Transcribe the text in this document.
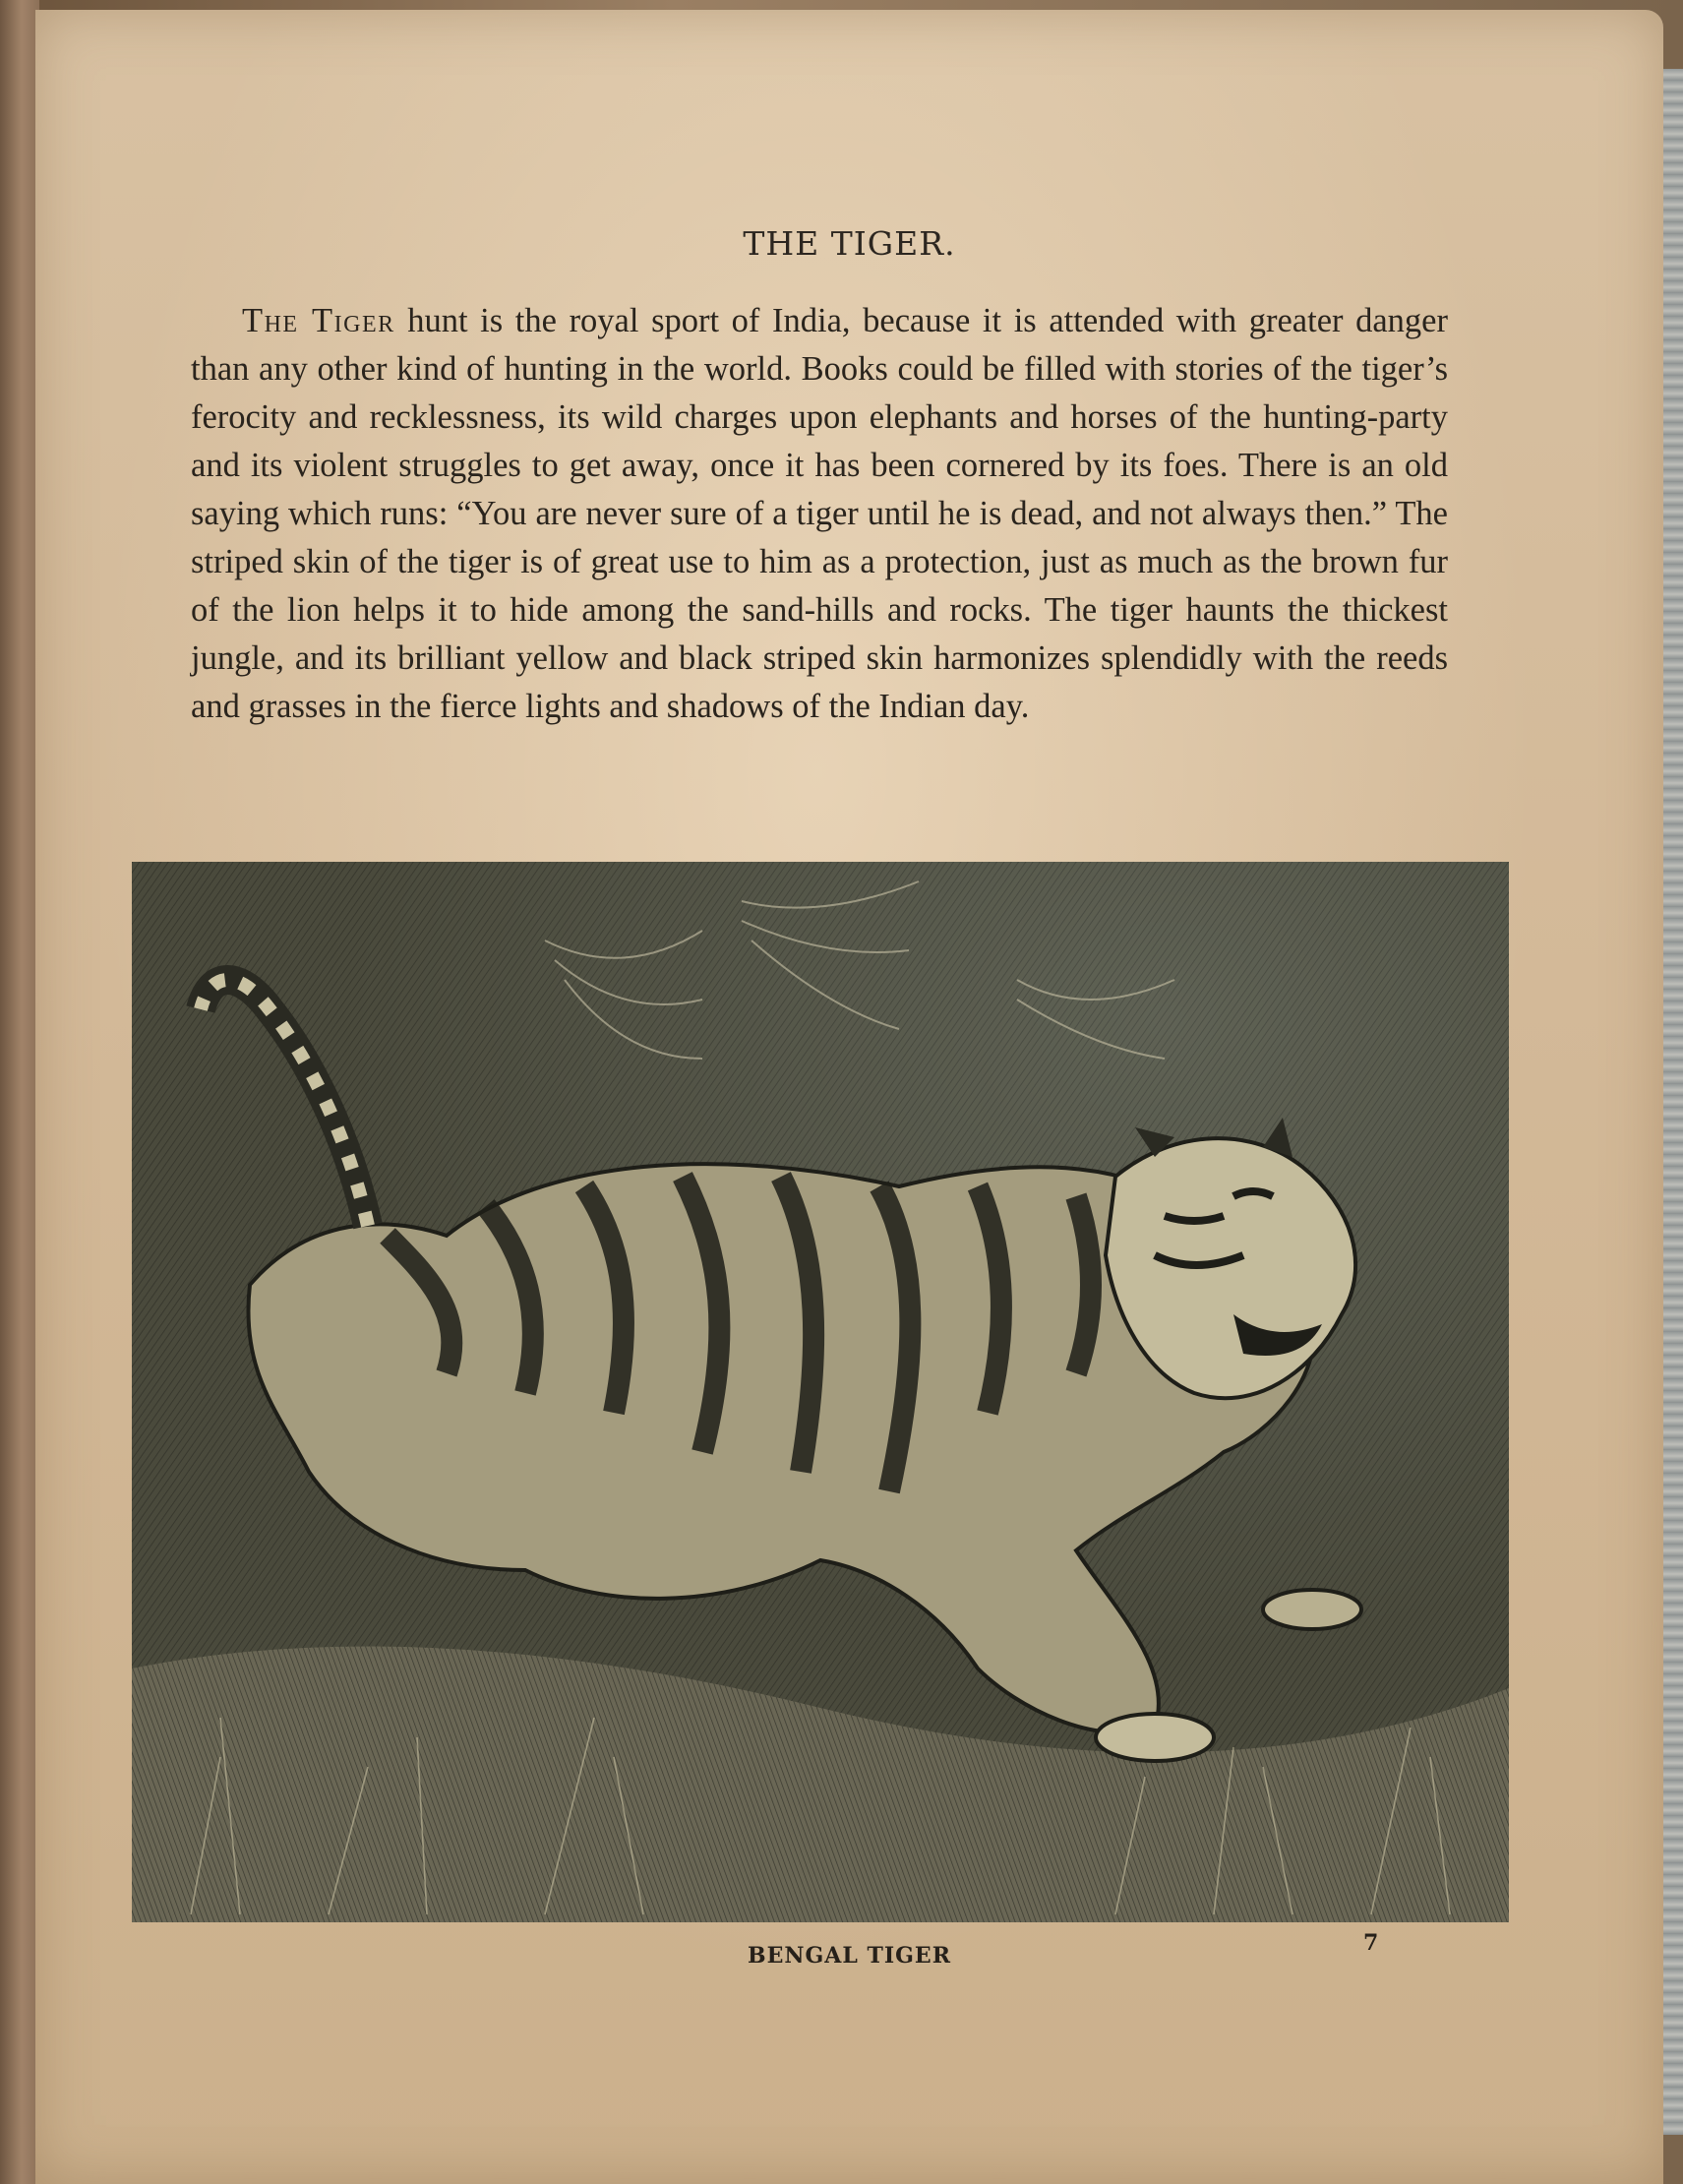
THE TIGER.

The Tiger hunt is the royal sport of India, because it is attended with greater danger than any other kind of hunting in the world. Books could be filled with stories of the tiger’s ferocity and recklessness, its wild charges upon elephants and horses of the hunting-party and its violent struggles to get away, once it has been cornered by its foes. There is an old saying which runs: “You are never sure of a tiger until he is dead, and not always then.” The striped skin of the tiger is of great use to him as a protection, just as much as the brown fur of the lion helps it to hide among the sand-hills and rocks. The tiger haunts the thickest jungle, and its brilliant yellow and black striped skin harmonizes splendidly with the reeds and grasses in the fierce lights and shadows of the Indian day.

BENGAL TIGER	7
